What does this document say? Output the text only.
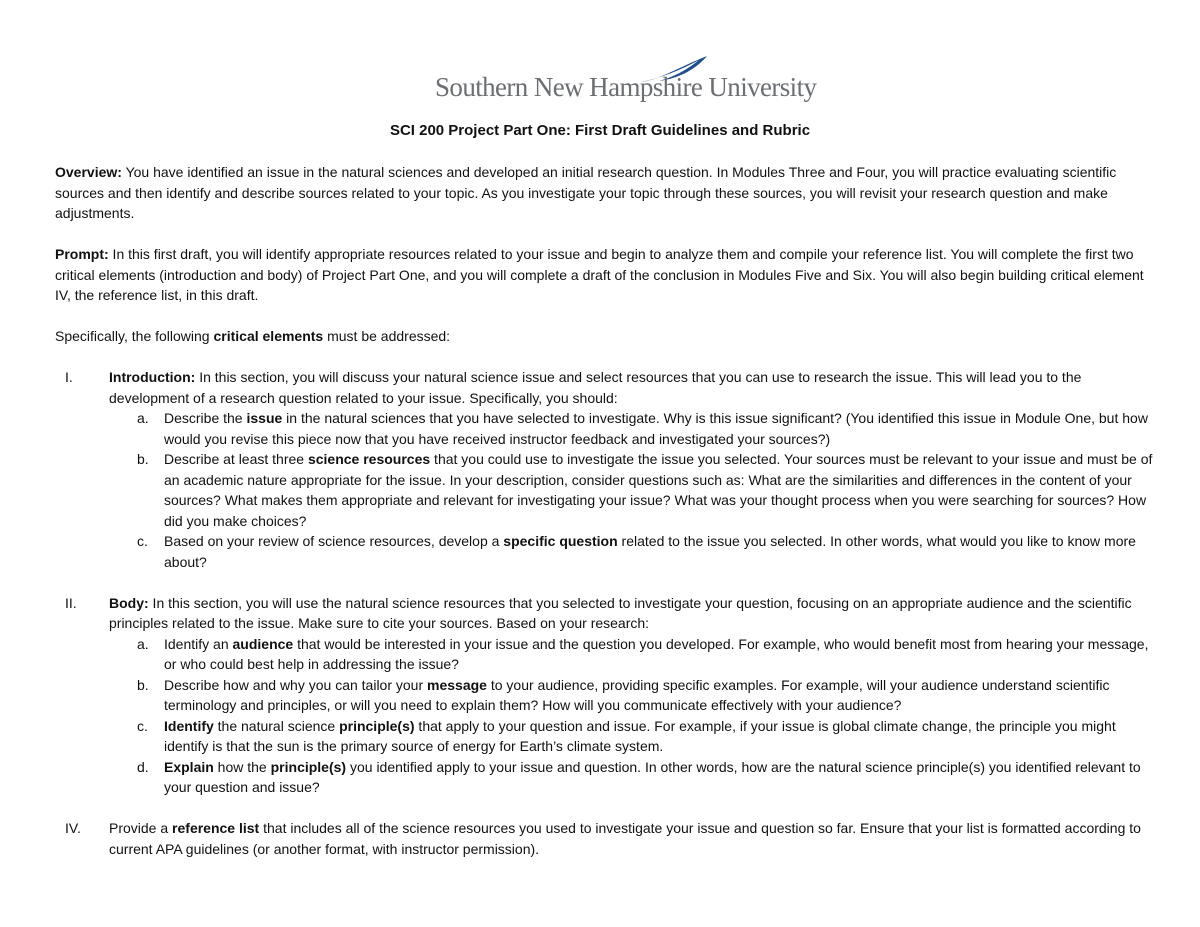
Southern New Hampshire University
SCI 200 Project Part One: First Draft Guidelines and Rubric

Overview: You have identified an issue in the natural sciences and developed an initial research question. In Modules Three and Four, you will practice evaluating scientific sources and then identify and describe sources related to your topic. As you investigate your topic through these sources, you will revisit your research question and make adjustments.

Prompt: In this first draft, you will identify appropriate resources related to your issue and begin to analyze them and compile your reference list. You will complete the first two critical elements (introduction and body) of Project Part One, and you will complete a draft of the conclusion in Modules Five and Six. You will also begin building critical element IV, the reference list, in this draft.

Specifically, the following critical elements must be addressed:

I.	Introduction: In this section, you will discuss your natural science issue and select resources that you can use to research the issue. This will lead you to the development of a research question related to your issue. Specifically, you should:
a. Describe the issue in the natural sciences that you have selected to investigate. Why is this issue significant? (You identified this issue in Module One, but how would you revise this piece now that you have received instructor feedback and investigated your sources?)
b. Describe at least three science resources that you could use to investigate the issue you selected. Your sources must be relevant to your issue and must be of an academic nature appropriate for the issue. In your description, consider questions such as: What are the similarities and differences in the content of your sources? What makes them appropriate and relevant for investigating your issue? What was your thought process when you were searching for sources? How did you make choices?
c. Based on your review of science resources, develop a specific question related to the issue you selected. In other words, what would you like to know more about?
II.	Body: In this section, you will use the natural science resources that you selected to investigate your question, focusing on an appropriate audience and the scientific principles related to the issue. Make sure to cite your sources. Based on your research:
a. Identify an audience that would be interested in your issue and the question you developed. For example, who would benefit most from hearing your message, or who could best help in addressing the issue?
b. Describe how and why you can tailor your message to your audience, providing specific examples. For example, will your audience understand scientific terminology and principles, or will you need to explain them? How will you communicate effectively with your audience?
c. Identify the natural science principle(s) that apply to your question and issue. For example, if your issue is global climate change, the principle you might identify is that the sun is the primary source of energy for Earth’s climate system.
d. Explain how the principle(s) you identified apply to your issue and question. In other words, how are the natural science principle(s) you identified relevant to your question and issue?
IV.	Provide a reference list that includes all of the science resources you used to investigate your issue and question so far. Ensure that your list is formatted according to current APA guidelines (or another format, with instructor permission).
